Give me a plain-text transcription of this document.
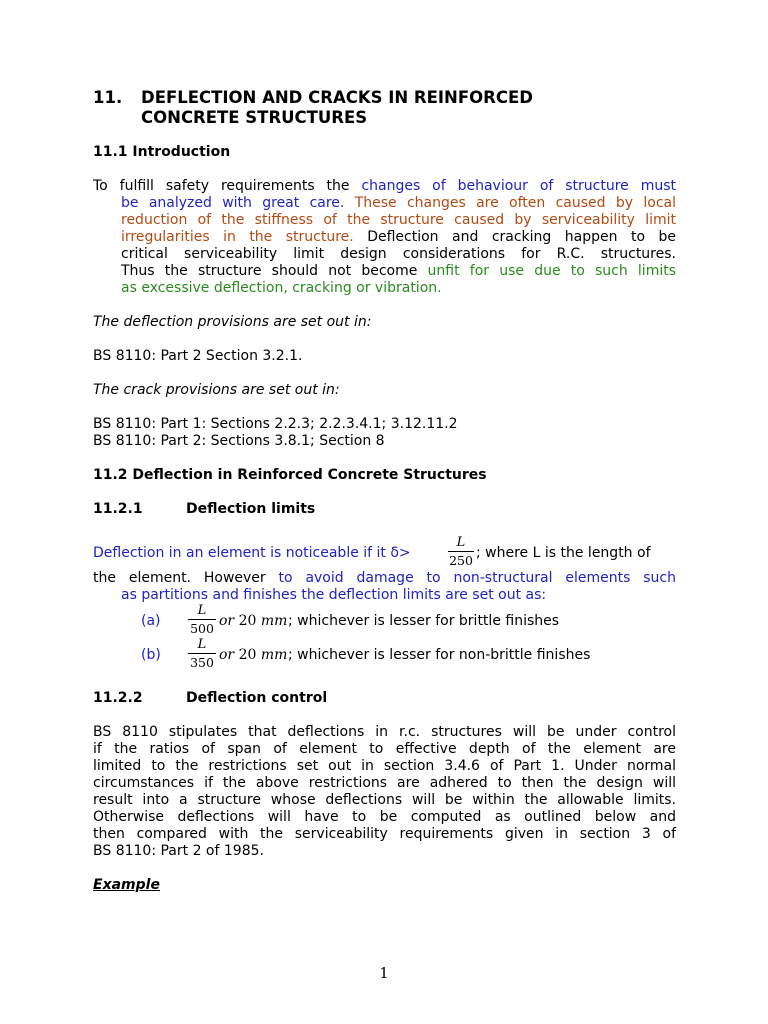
11. DEFLECTION AND CRACKS IN REINFORCED
CONCRETE STRUCTURES
11.1 Introduction
To fulfill safety requirements the changes of behaviour of structure must
be analyzed with great care. These changes are often caused by local
reduction of the stiffness of the structure caused by serviceability limit
irregularities in the structure. Deflection and cracking happen to be
critical serviceability limit design considerations for R.C. structures.
Thus the structure should not become unfit for use due to such limits
as excessive deflection, cracking or vibration.
The deflection provisions are set out in:
BS 8110: Part 2 Section 3.2.1.
The crack provisions are set out in:
BS 8110: Part 1: Sections 2.2.3; 2.2.3.4.1; 3.12.11.2
BS 8110: Part 2: Sections 3.8.1; Section 8
11.2 Deflection in Reinforced Concrete Structures
11.2.1	Deflection limits
Deflection in an element is noticeable if it δ>
L
250 ; where L is the length of
the element. However to avoid damage to non-structural elements such
as partitions and finishes the deflection limits are set out as:
(a)
L
500 or 20 mm ; whichever is lesser for brittle finishes
(b)
L
350 or 20 mm ; whichever is lesser for non-brittle finishes
11.2.2	Deflection control
BS 8110 stipulates that deflections in r.c. structures will be under control
if the ratios of span of element to effective depth of the element are
limited to the restrictions set out in section 3.4.6 of Part 1. Under normal
circumstances if the above restrictions are adhered to then the design will
result into a structure whose deflections will be within the allowable limits.
Otherwise deflections will have to be computed as outlined below and
then compared with the serviceability requirements given in section 3 of
BS 8110: Part 2 of 1985.
Example
1
